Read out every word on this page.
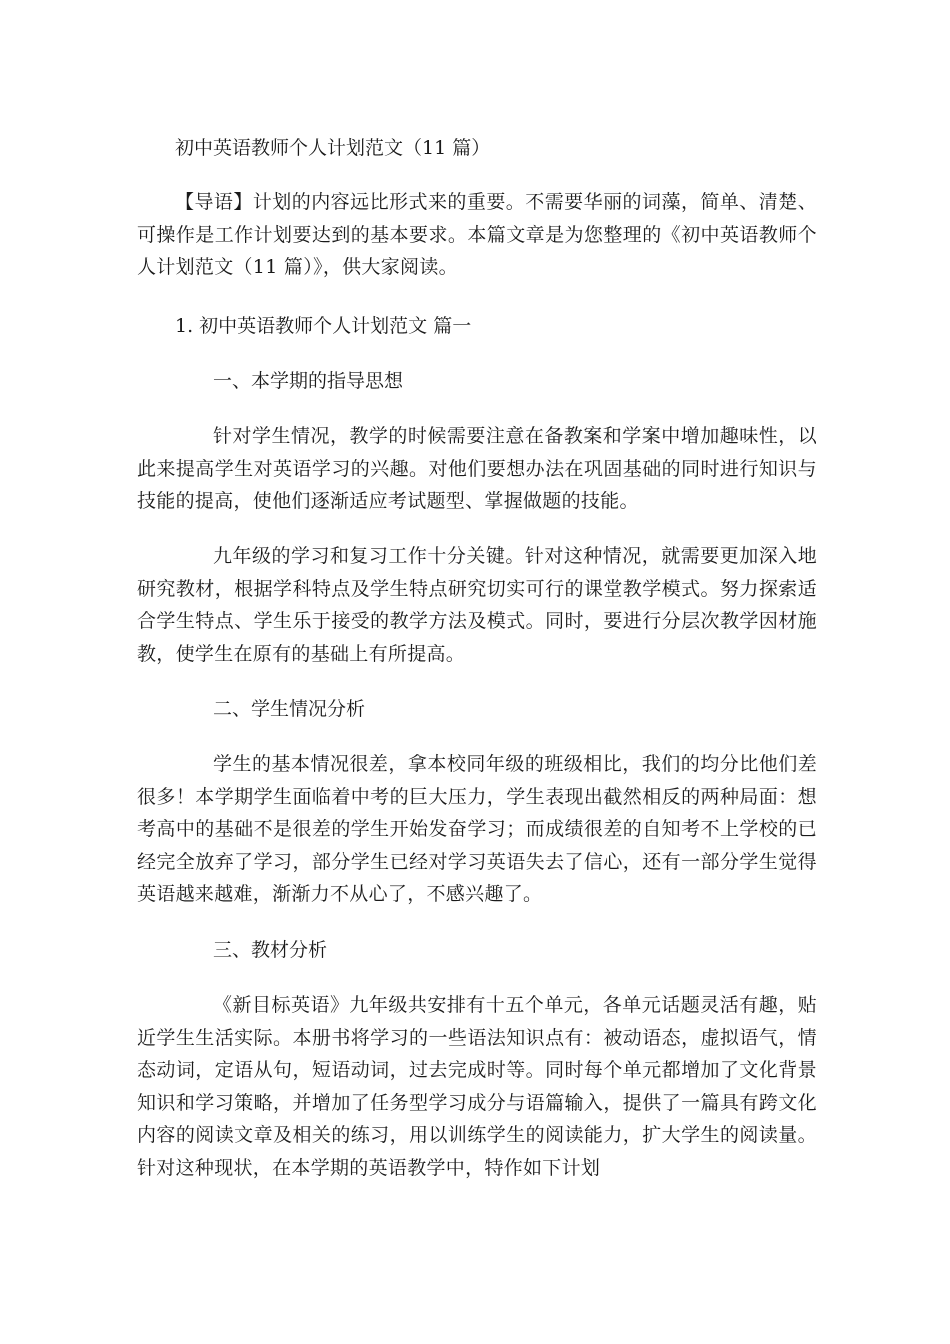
初中英语教师个人计划范文（11 篇）
【导语】计划的内容远比形式来的重要。不需要华丽的词藻，简单、清楚、可操作是工作计划要达到的基本要求。本篇文章是为您整理的《初中英语教师个人计划范文（11 篇）》，供大家阅读。
1. 初中英语教师个人计划范文 篇一
一、本学期的指导思想
针对学生情况，教学的时候需要注意在备教案和学案中增加趣味性，以此来提高学生对英语学习的兴趣。对他们要想办法在巩固基础的同时进行知识与技能的提高，使他们逐渐适应考试题型、掌握做题的技能。
九年级的学习和复习工作十分关键。针对这种情况，就需要更加深入地研究教材，根据学科特点及学生特点研究切实可行的课堂教学模式。努力探索适合学生特点、学生乐于接受的教学方法及模式。同时，要进行分层次教学因材施教，使学生在原有的基础上有所提高。
二、学生情况分析
学生的基本情况很差，拿本校同年级的班级相比，我们的均分比他们差很多！本学期学生面临着中考的巨大压力，学生表现出截然相反的两种局面：想考高中的基础不是很差的学生开始发奋学习；而成绩很差的自知考不上学校的已经完全放弃了学习，部分学生已经对学习英语失去了信心，还有一部分学生觉得英语越来越难，渐渐力不从心了，不感兴趣了。
三、教材分析
《新目标英语》九年级共安排有十五个单元，各单元话题灵活有趣，贴近学生生活实际。本册书将学习的一些语法知识点有：被动语态，虚拟语气，情态动词，定语从句，短语动词，过去完成时等。同时每个单元都增加了文化背景知识和学习策略，并增加了任务型学习成分与语篇输入，提供了一篇具有跨文化内容的阅读文章及相关的练习，用以训练学生的阅读能力，扩大学生的阅读量。针对这种现状，在本学期的英语教学中，特作如下计划
